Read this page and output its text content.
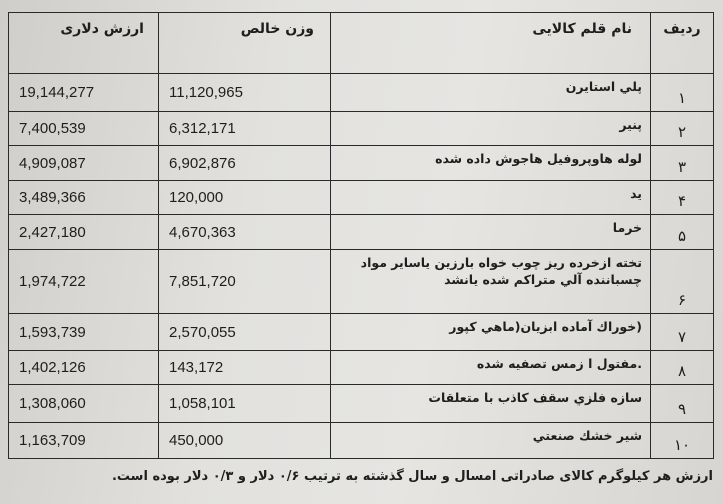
ارزش دلاری	وزن خالص	نام قلم کالایی	ردیف
19,144,277	11,120,965	پلي استايرن	۱
7,400,539	6,312,171	پنير	۲
4,909,087	6,902,876	لوله هاوپروفيل هاجوش داده شده	۳
3,489,366	120,000	يد	۴
2,427,180	4,670,363	خرما	۵
1,974,722	7,851,720	تخته ازخرده ريز چوب خواه بارزين ياساير مواد چسباننده آلي متراكم شده يانشد	۶
1,593,739	2,570,055	(خوراك آماده ابزيان(ماهي كپور	۷
1,402,126	143,172	.مفتول ا زمس تصفيه شده	۸
1,308,060	1,058,101	سازه فلزي سقف كاذب با متعلقات	۹
1,163,709	450,000	شير خشك صنعتي	۱۰
ارزش هر کیلوگرم کالای صادراتی امسال و سال گذشته به ترتیب ۰/۶ دلار و ۰/۳ دلار بوده است.
